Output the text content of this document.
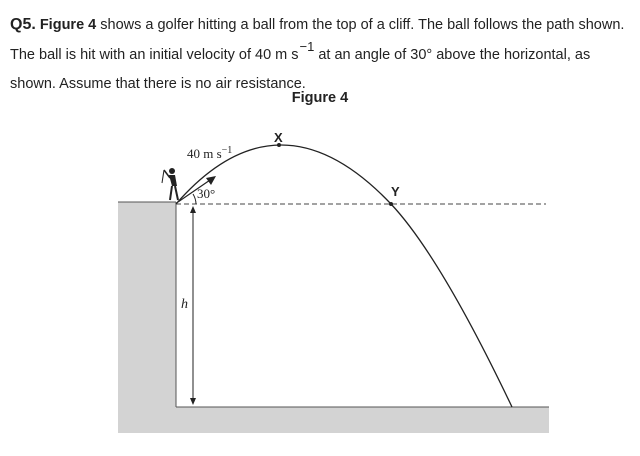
Q5. Figure 4 shows a golfer hitting a ball from the top of a cliff. The ball follows the path shown. The ball is hit with an initial velocity of 40 m s−1 at an angle of 30° above the horizontal, as shown. Assume that there is no air resistance.

Figure 4

40 m $s^{-1}$
30°
X
Y
h
